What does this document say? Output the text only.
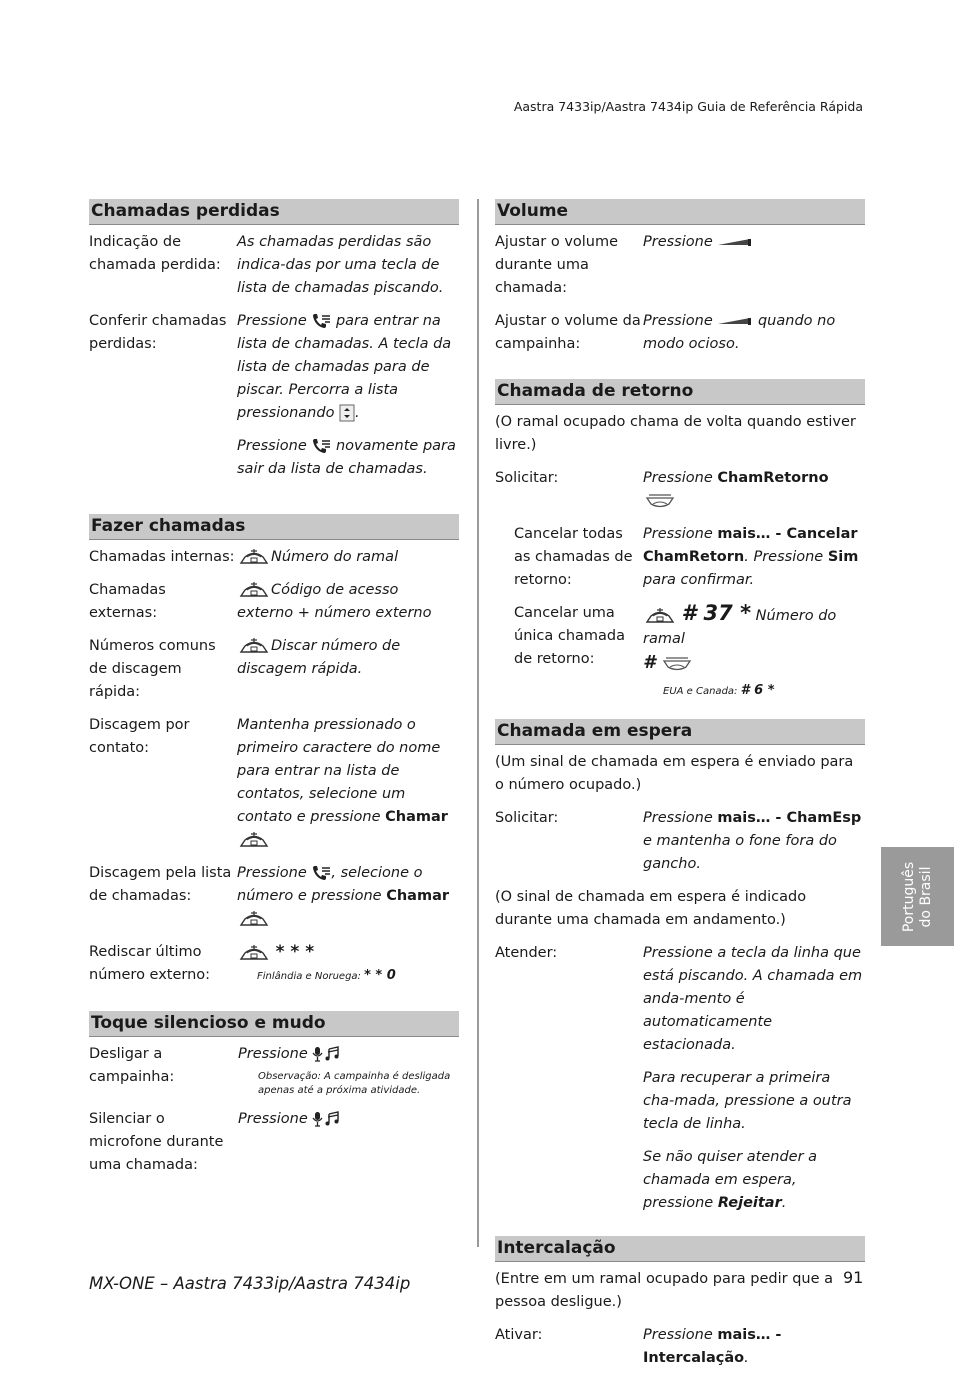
Aastra 7433ip/Aastra 7434ip Guia de Referência Rápida
Chamadas perdidas
Indicação de chamada perdida:
As chamadas perdidas são indica-das por uma tecla de lista de chamadas piscando.
Conferir chamadas perdidas:
Pressione  para entrar na lista de chamadas. A tecla da lista de chamadas para de piscar. Percorra a lista pressionando .
Pressione  novamente para sair da lista de chamadas.
Fazer chamadas
Chamadas internas:	Número do ramal
Chamadas externas:
Código de acesso externo + número externo
Números comuns de discagem rápida:
Discar número de discagem rápida.
Discagem por contato:
Mantenha pressionado o primeiro caractere do nome para entrar na lista de contatos, selecione um contato e pressione Chamar
Discagem pela lista de chamadas:
Pressione , selecione o número e pressione Chamar
Rediscar último número externo:
* * *
Finlândia e Noruega: * * 0
Toque silencioso e mudo
Desligar a campainha:
Pressione
Observação: A campainha é desligada apenas até a próxima atividade.
Silenciar o microfone durante uma chamada:
Pressione
Volume
Ajustar o volume durante uma chamada:
Pressione
Ajustar o volume da campainha:
Pressione  quando no modo ocioso.
Chamada de retorno
(O ramal ocupado chama de volta quando estiver livre.)
Solicitar:	Pressione ChamRetorno
Cancelar todas as chamadas de retorno:
Pressione mais… - Cancelar ChamRetorn. Pressione Sim para confirmar.
Cancelar uma única chamada de retorno:
# 37 * Número do ramal
#
EUA e Canada: # 6 *
Chamada em espera
(Um sinal de chamada em espera é enviado para o número ocupado.)
Solicitar:	Pressione mais… - ChamEsp e mantenha o fone fora do gancho.
(O sinal de chamada em espera é indicado durante uma chamada em andamento.)
Atender:	Pressione a tecla da linha que está piscando. A chamada em anda-mento é automaticamente estacionada.
Para recuperar a primeira cha-mada, pressione a outra tecla de linha.
Se não quiser atender a chamada em espera, pressione Rejeitar.
Intercalação
(Entre em um ramal ocupado para pedir que a pessoa desligue.)
Ativar:	Pressione mais… - Intercalação.
Português do Brasil
MX-ONE – Aastra 7433ip/Aastra 7434ip	91
